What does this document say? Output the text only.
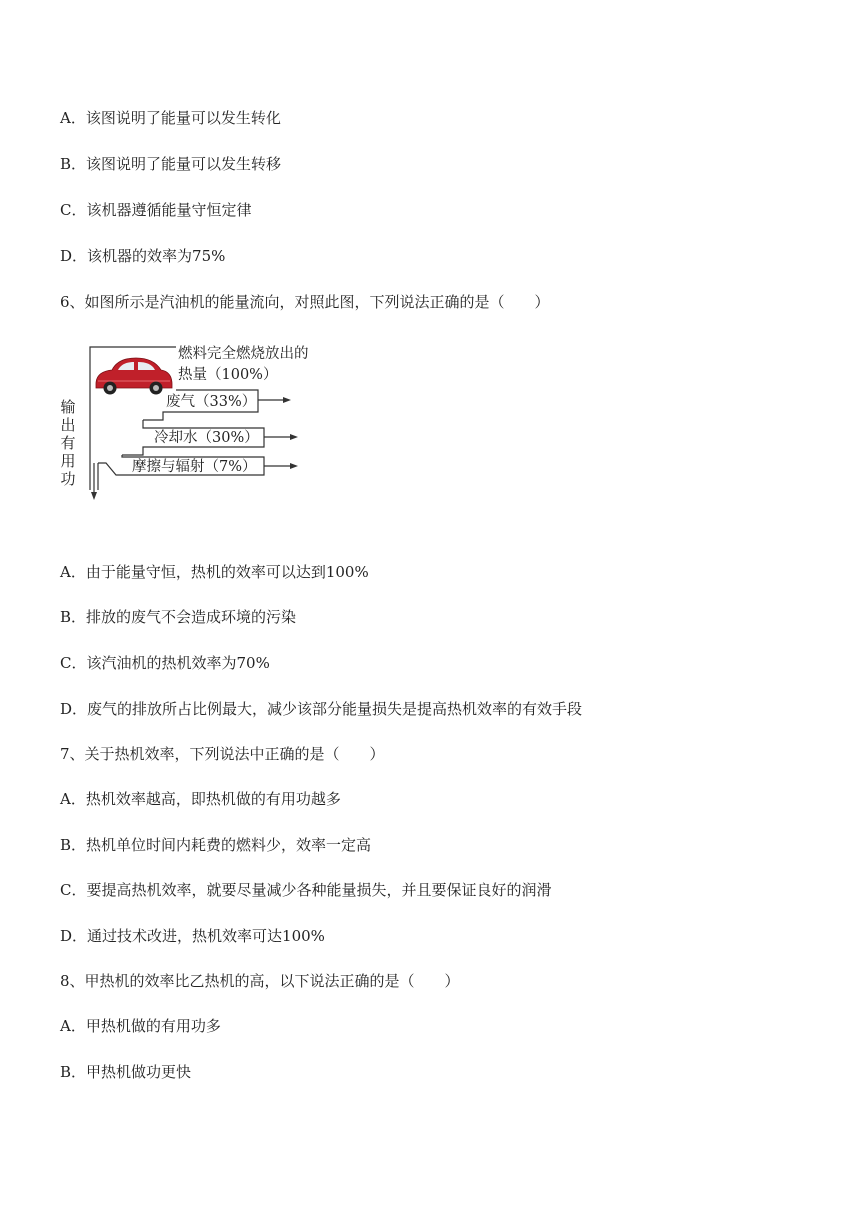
A．该图说明了能量可以发生转化
B．该图说明了能量可以发生转移
C．该机器遵循能量守恒定律
D．该机器的效率为75%
6、如图所示是汽油机的能量流向，对照此图，下列说法正确的是（　　）
燃料完全燃烧放出的
热量（100%）
废气（33%）
冷却水（30%）
摩擦与辐射（7%）
输
出
有
用
功
A．由于能量守恒，热机的效率可以达到100%
B．排放的废气不会造成环境的污染
C．该汽油机的热机效率为70%
D．废气的排放所占比例最大，减少该部分能量损失是提高热机效率的有效手段
7、关于热机效率，下列说法中正确的是（　　）
A．热机效率越高，即热机做的有用功越多
B．热机单位时间内耗费的燃料少，效率一定高
C．要提高热机效率，就要尽量减少各种能量损失，并且要保证良好的润滑
D．通过技术改进，热机效率可达100%
8、甲热机的效率比乙热机的高，以下说法正确的是（　　）
A．甲热机做的有用功多
B．甲热机做功更快
